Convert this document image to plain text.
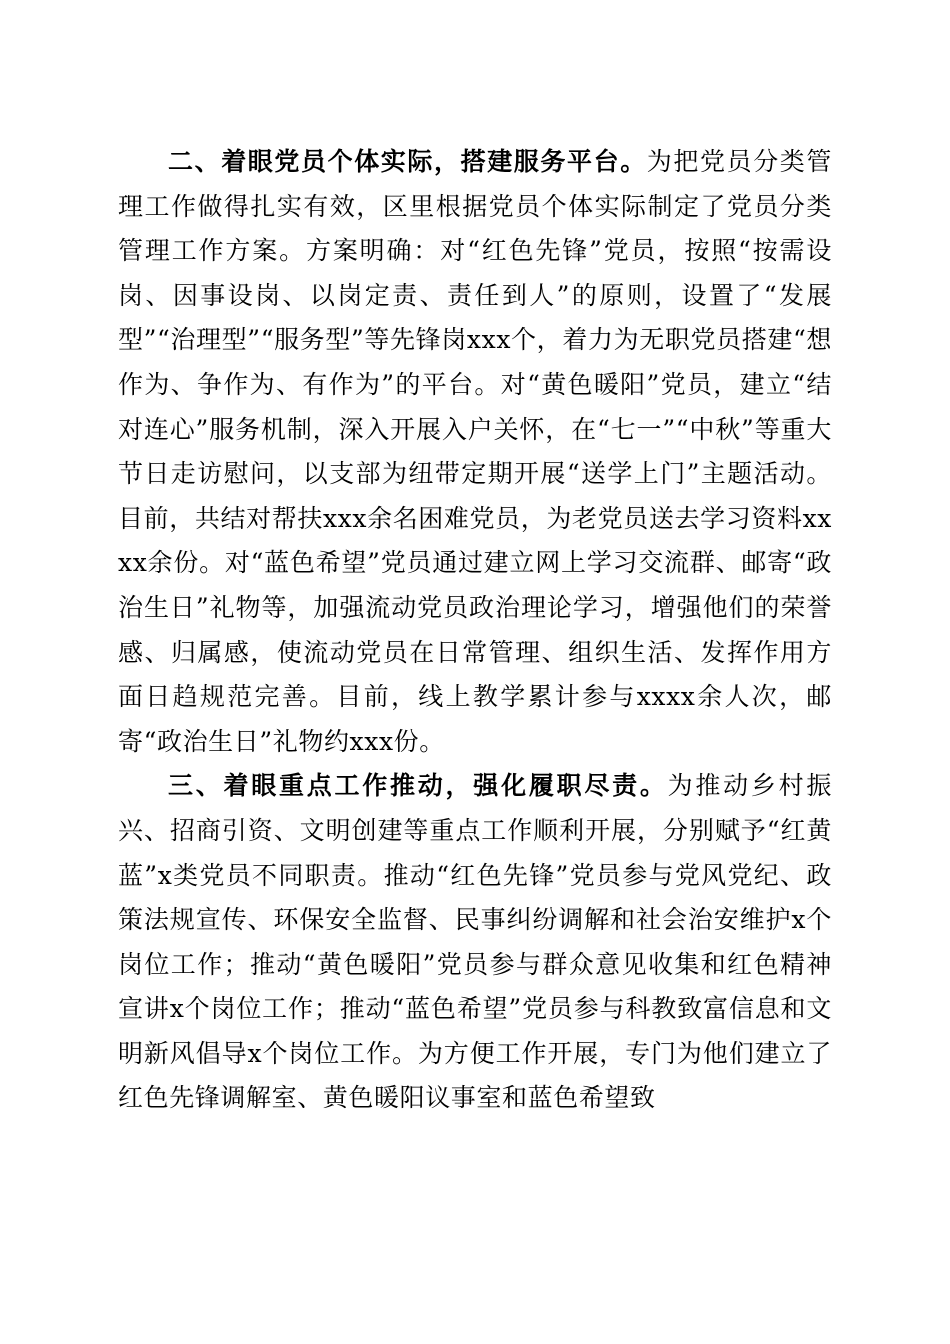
二、着眼党员个体实际，搭建服务平台。为把党员分类管理工作做得扎实有效，区里根据党员个体实际制定了党员分类管理工作方案。方案明确：对“红色先锋”党员，按照“按需设岗、因事设岗、以岗定责、责任到人”的原则，设置了“发展型”“治理型”“服务型”等先锋岗xxx个，着力为无职党员搭建“想作为、争作为、有作为”的平台。对“黄色暖阳”党员，建立“结对连心”服务机制，深入开展入户关怀，在“七一”“中秋”等重大节日走访慰问，以支部为纽带定期开展“送学上门”主题活动。目前，共结对帮扶xxx余名困难党员，为老党员送去学习资料xxxx余份。对“蓝色希望”党员通过建立网上学习交流群、邮寄“政治生日”礼物等，加强流动党员政治理论学习，增强他们的荣誉感、归属感，使流动党员在日常管理、组织生活、发挥作用方面日趋规范完善。目前，线上教学累计参与xxxx余人次，邮寄“政治生日”礼物约xxx份。

三、着眼重点工作推动，强化履职尽责。为推动乡村振兴、招商引资、文明创建等重点工作顺利开展，分别赋予“红黄蓝”x类党员不同职责。推动“红色先锋”党员参与党风党纪、政策法规宣传、环保安全监督、民事纠纷调解和社会治安维护x个岗位工作；推动“黄色暖阳”党员参与群众意见收集和红色精神宣讲x个岗位工作；推动“蓝色希望”党员参与科教致富信息和文明新风倡导x个岗位工作。为方便工作开展，专门为他们建立了红色先锋调解室、黄色暖阳议事室和蓝色希望致
